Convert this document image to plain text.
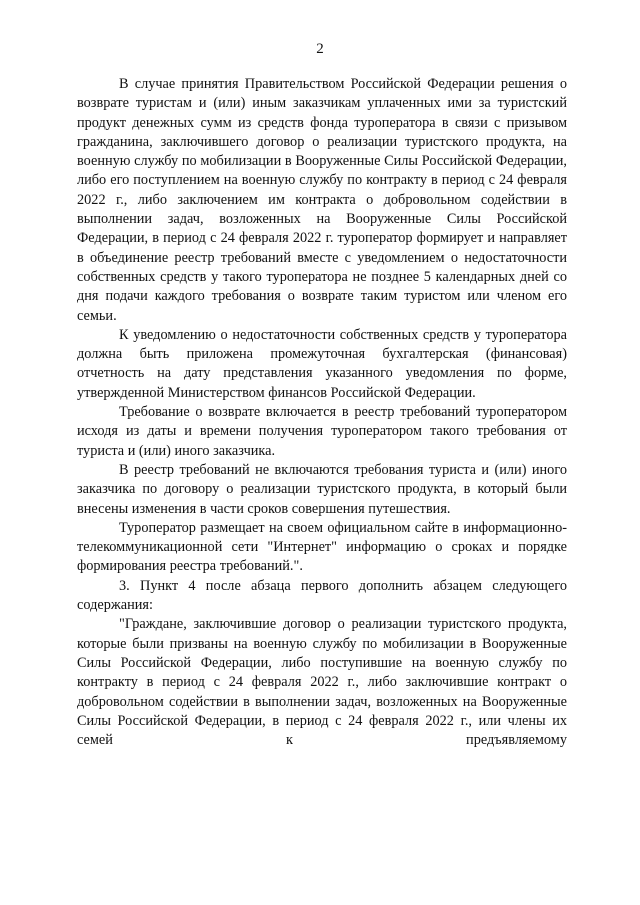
2

В случае принятия Правительством Российской Федерации решения о возврате туристам и (или) иным заказчикам уплаченных ими за туристский продукт денежных сумм из средств фонда туроператора в связи с призывом гражданина, заключившего договор о реализации туристского продукта, на военную службу по мобилизации в Вооруженные Силы Российской Федерации, либо его поступлением на военную службу по контракту в период с 24 февраля 2022 г., либо заключением им контракта о добровольном содействии в выполнении задач, возложенных на Вооруженные Силы Российской Федерации, в период с 24 февраля 2022 г. туроператор формирует и направляет в объединение реестр требований вместе с уведомлением о недостаточности собственных средств у такого туроператора не позднее 5 календарных дней со дня подачи каждого требования о возврате таким туристом или членом его семьи.

К уведомлению о недостаточности собственных средств у туроператора должна быть приложена промежуточная бухгалтерская (финансовая) отчетность на дату представления указанного уведомления по форме, утвержденной Министерством финансов Российской Федерации.

Требование о возврате включается в реестр требований туроператором исходя из даты и времени получения туроператором такого требования от туриста и (или) иного заказчика.

В реестр требований не включаются требования туриста и (или) иного заказчика по договору о реализации туристского продукта, в который были внесены изменения в части сроков совершения путешествия.

Туроператор размещает на своем официальном сайте в информационно-телекоммуникационной сети "Интернет" информацию о сроках и порядке формирования реестра требований.".

3. Пункт 4 после абзаца первого дополнить абзацем следующего содержания:

"Граждане, заключившие договор о реализации туристского продукта, которые были призваны на военную службу по мобилизации в Вооруженные Силы Российской Федерации, либо поступившие на военную службу по контракту в период с 24 февраля 2022 г., либо заключившие контракт о добровольном содействии в выполнении задач, возложенных на Вооруженные Силы Российской Федерации, в период с 24 февраля 2022 г., или члены их семей к предъявляемому
